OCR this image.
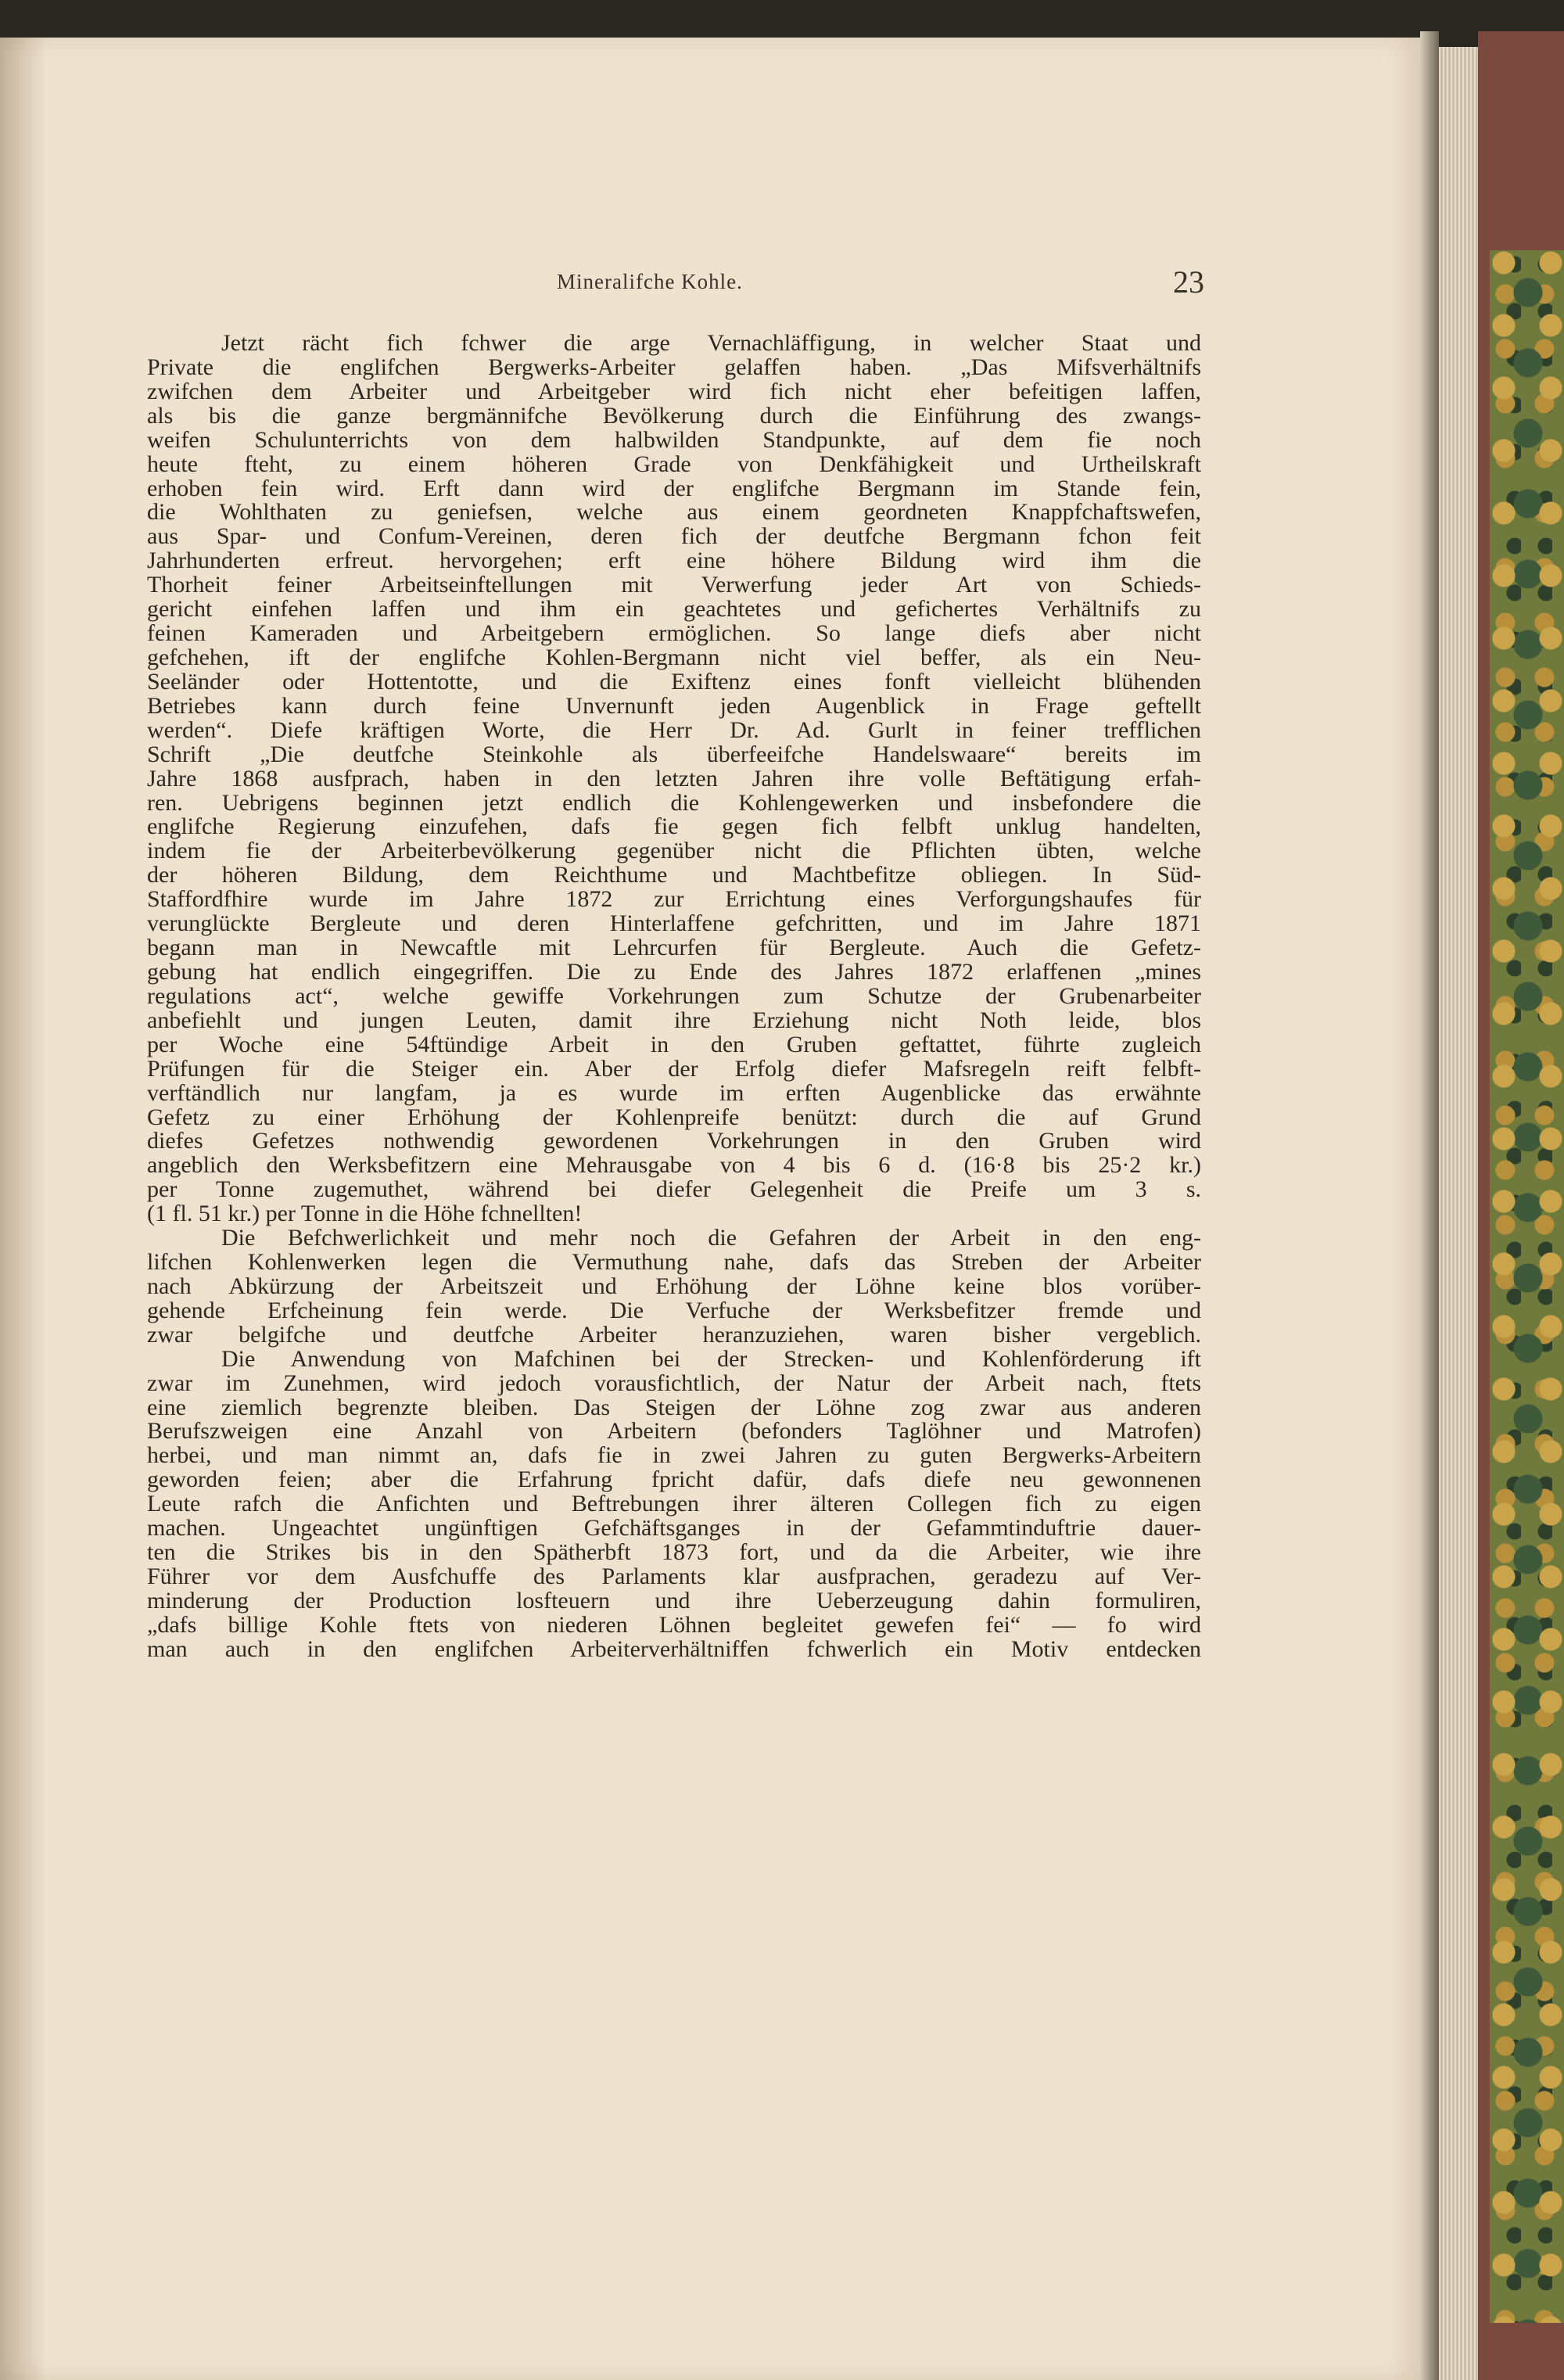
Mineralifche Kohle.	23
Jetzt rächt fich fchwer die arge Vernachläffigung, in welcher Staat und
Private die englifchen Bergwerks-Arbeiter gelaffen haben. „Das Mifsverhältnifs
zwifchen dem Arbeiter und Arbeitgeber wird fich nicht eher befeitigen laffen,
als bis die ganze bergmännifche Bevölkerung durch die Einführung des zwangs-
weifen Schulunterrichts von dem halbwilden Standpunkte, auf dem fie noch
heute fteht, zu einem höheren Grade von Denkfähigkeit und Urtheilskraft
erhoben fein wird. Erft dann wird der englifche Bergmann im Stande fein,
die Wohlthaten zu geniefsen, welche aus einem geordneten Knappfchaftswefen,
aus Spar- und Confum-Vereinen, deren fich der deutfche Bergmann fchon feit
Jahrhunderten erfreut. hervorgehen; erft eine höhere Bildung wird ihm die
Thorheit feiner Arbeitseinftellungen mit Verwerfung jeder Art von Schieds-
gericht einfehen laffen und ihm ein geachtetes und gefichertes Verhältnifs zu
feinen Kameraden und Arbeitgebern ermöglichen. So lange diefs aber nicht
gefchehen, ift der englifche Kohlen-Bergmann nicht viel beffer, als ein Neu-
Seeländer oder Hottentotte, und die Exiftenz eines fonft vielleicht blühenden
Betriebes kann durch feine Unvernunft jeden Augenblick in Frage geftellt
werden“. Diefe kräftigen Worte, die Herr Dr. Ad. Gurlt in feiner trefflichen
Schrift „Die deutfche Steinkohle als überfeeifche Handelswaare“ bereits im
Jahre 1868 ausfprach, haben in den letzten Jahren ihre volle Beftätigung erfah-
ren. Uebrigens beginnen jetzt endlich die Kohlengewerken und insbefondere die
englifche Regierung einzufehen, dafs fie gegen fich felbft unklug handelten,
indem fie der Arbeiterbevölkerung gegenüber nicht die Pflichten übten, welche
der höheren Bildung, dem Reichthume und Machtbefitze obliegen. In Süd-
Staffordfhire wurde im Jahre 1872 zur Errichtung eines Verforgungshaufes für
verunglückte Bergleute und deren Hinterlaffene gefchritten, und im Jahre 1871
begann man in Newcaftle mit Lehrcurfen für Bergleute. Auch die Gefetz-
gebung hat endlich eingegriffen. Die zu Ende des Jahres 1872 erlaffenen „mines
regulations act“, welche gewiffe Vorkehrungen zum Schutze der Grubenarbeiter
anbefiehlt und jungen Leuten, damit ihre Erziehung nicht Noth leide, blos
per Woche eine 54ftündige Arbeit in den Gruben geftattet, führte zugleich
Prüfungen für die Steiger ein. Aber der Erfolg diefer Mafsregeln reift felbft-
verftändlich nur langfam, ja es wurde im erften Augenblicke das erwähnte
Gefetz zu einer Erhöhung der Kohlenpreife benützt: durch die auf Grund
diefes Gefetzes nothwendig gewordenen Vorkehrungen in den Gruben wird
angeblich den Werksbefitzern eine Mehrausgabe von 4 bis 6 d. (16·8 bis 25·2 kr.)
per Tonne zugemuthet, während bei diefer Gelegenheit die Preife um 3 s.
(1 fl. 51 kr.) per Tonne in die Höhe fchnellten!
Die Befchwerlichkeit und mehr noch die Gefahren der Arbeit in den eng-
lifchen Kohlenwerken legen die Vermuthung nahe, dafs das Streben der Arbeiter
nach Abkürzung der Arbeitszeit und Erhöhung der Löhne keine blos vorüber-
gehende Erfcheinung fein werde. Die Verfuche der Werksbefitzer fremde und
zwar belgifche und deutfche Arbeiter heranzuziehen, waren bisher vergeblich.
Die Anwendung von Mafchinen bei der Strecken- und Kohlenförderung ift
zwar im Zunehmen, wird jedoch vorausfichtlich, der Natur der Arbeit nach, ftets
eine ziemlich begrenzte bleiben. Das Steigen der Löhne zog zwar aus anderen
Berufszweigen eine Anzahl von Arbeitern (befonders Taglöhner und Matrofen)
herbei, und man nimmt an, dafs fie in zwei Jahren zu guten Bergwerks-Arbeitern
geworden feien; aber die Erfahrung fpricht dafür, dafs diefe neu gewonnenen
Leute rafch die Anfichten und Beftrebungen ihrer älteren Collegen fich zu eigen
machen. Ungeachtet ungünftigen Gefchäftsganges in der Gefammtinduftrie dauer-
ten die Strikes bis in den Spätherbft 1873 fort, und da die Arbeiter, wie ihre
Führer vor dem Ausfchuffe des Parlaments klar ausfprachen, geradezu auf Ver-
minderung der Production losfteuern und ihre Ueberzeugung dahin formuliren,
„dafs billige Kohle ftets von niederen Löhnen begleitet gewefen fei“ — fo wird
man auch in den englifchen Arbeiterverhältniffen fchwerlich ein Motiv entdecken
